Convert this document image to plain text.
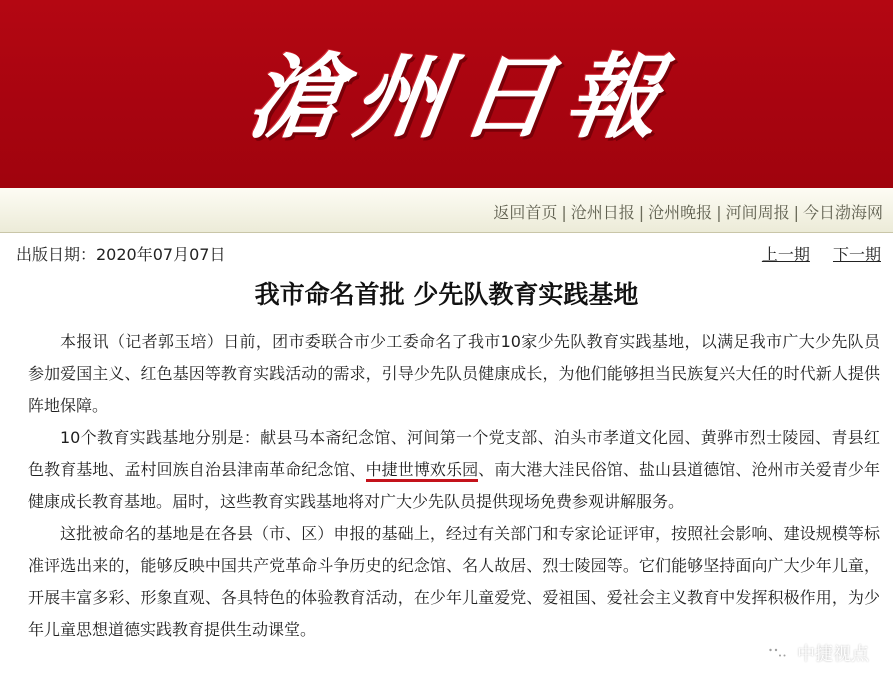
滄州日報
返回首页 | 沧州日报 | 沧州晚报 | 河间周报 | 今日渤海网
出版日期：2020年07月07日	上一期 下一期
我市命名首批 少先队教育实践基地

本报讯（记者郭玉培）日前，团市委联合市少工委命名了我市10家少先队教育实践基地，以满足我市广大少先队员参加爱国主义、红色基因等教育实践活动的需求，引导少先队员健康成长，为他们能够担当民族复兴大任的时代新人提供阵地保障。

10个教育实践基地分别是：献县马本斋纪念馆、河间第一个党支部、泊头市孝道文化园、黄骅市烈士陵园、青县红色教育基地、孟村回族自治县津南革命纪念馆、中捷世博欢乐园、南大港大洼民俗馆、盐山县道德馆、沧州市关爱青少年健康成长教育基地。届时，这些教育实践基地将对广大少先队员提供现场免费参观讲解服务。

这批被命名的基地是在各县（市、区）申报的基础上，经过有关部门和专家论证评审，按照社会影响、建设规模等标准评选出来的，能够反映中国共产党革命斗争历史的纪念馆、名人故居、烈士陵园等。它们能够坚持面向广大少年儿童，开展丰富多彩、形象直观、各具特色的体验教育活动，在少年儿童爱党、爱祖国、爱社会主义教育中发挥积极作用，为少年儿童思想道德实践教育提供生动课堂。

中捷视点
